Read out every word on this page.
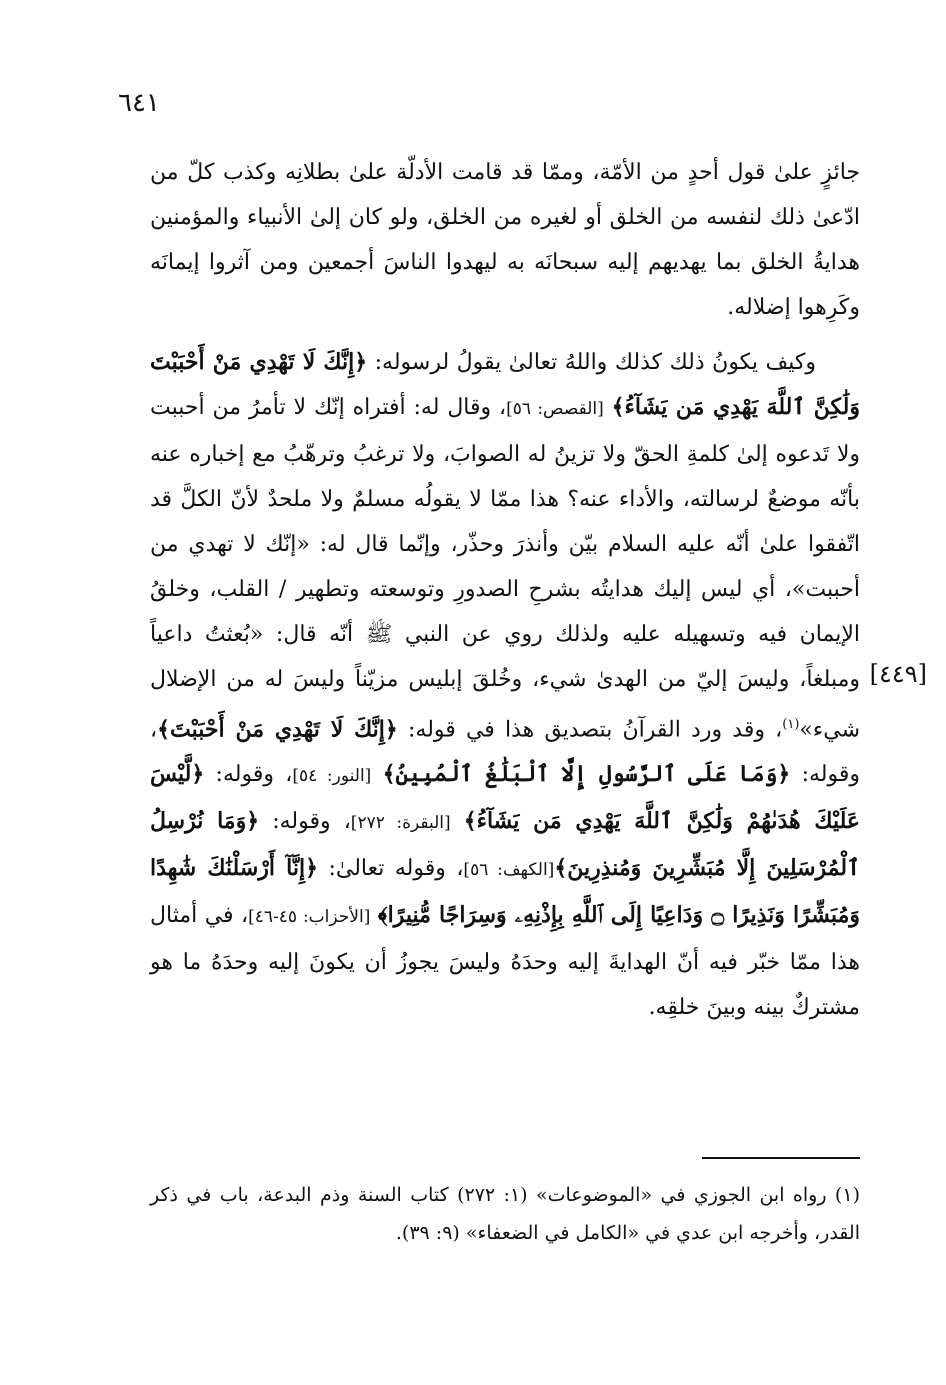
٦٤١
[٤٤٩]

جائزٍ علىٰ قول أحدٍ من الأمّة، وممّا قد قامت الأدلّة علىٰ بطلانِه وكذب كلّ من ادّعىٰ ذلك لنفسه من الخلق أو لغيره من الخلق، ولو كان إلىٰ الأنبياء والمؤمنين هدايةُ الخلق بما يهديهم إليه سبحانَه به ليهدوا الناسَ أجمعين ومن آثروا إيمانَه وكَرِهوا إضلاله.

وكيف يكونُ ذلك كذلك واللهُ تعالىٰ يقولُ لرسوله: ﴿إِنَّكَ لَا تَهْدِي مَنْ أَحْبَبْتَ وَلَٰكِنَّ ٱللَّهَ يَهْدِي مَن يَشَآءُ﴾ [القصص: ٥٦]، وقال له: أفتراه إنّك لا تأمرُ من أحببت ولا تَدعوه إلىٰ كلمةِ الحقّ ولا تزينُ له الصوابَ، ولا ترغبُ وترهّبُ مع إخباره عنه بأنّه موضعٌ لرسالته، والأداء عنه؟ هذا ممّا لا يقولُه مسلمٌ ولا ملحدٌ لأنّ الكلَّ قد اتّفقوا علىٰ أنّه عليه السلام بيّن وأنذرَ وحذّر، وإنّما قال له: «إنّك لا تهدي من أحببت»، أي ليس إليك هدايتُه بشرحِ الصدورِ وتوسعته وتطهير / القلب، وخلقُ الإيمان فيه وتسهيله عليه ولذلك روي عن النبي ﷺ أنّه قال: «بُعثتُ داعياً ومبلغاً، وليسَ إليّ من الهدىٰ شيء، وخُلقَ إبليس مزيّناً وليسَ له من الإضلال شيء»$^{(١)}$، وقد ورد القرآنُ بتصديق هذا في قوله: ﴿إِنَّكَ لَا تَهْدِي مَنْ أَحْبَبْتَ﴾، وقوله: ﴿وَمَا عَلَى ٱلرَّسُولِ إِلَّا ٱلْبَلَٰغُ ٱلْمُبِينُ﴾ [النور: ٥٤]، وقوله: ﴿لَّيْسَ عَلَيْكَ هُدَىٰهُمْ وَلَٰكِنَّ ٱللَّهَ يَهْدِي مَن يَشَآءُ﴾ [البقرة: ٢٧٢]، وقوله: ﴿وَمَا نُرْسِلُ ٱلْمُرْسَلِينَ إِلَّا مُبَشِّرِينَ وَمُنذِرِينَ﴾[الكهف: ٥٦]، وقوله تعالىٰ: ﴿إِنَّآ أَرْسَلْنَٰكَ شَٰهِدًا وَمُبَشِّرًا وَنَذِيرًا ۝ وَدَاعِيًا إِلَى ٱللَّهِ بِإِذْنِهِۦ وَسِرَاجًا مُّنِيرًا﴾ [الأحزاب: ٤٥-٤٦]، في أمثال هذا ممّا خبّر فيه أنّ الهدايةَ إليه وحدَهُ وليسَ يجوزُ أن يكونَ إليه وحدَهُ ما هو مشتركٌ بينه وبينَ خلقِه.

(١) رواه ابن الجوزي في «الموضوعات» (١: ٢٧٢) كتاب السنة وذم البدعة، باب في ذكر القدر، وأخرجه ابن عدي في «الكامل في الضعفاء» (٩: ٣٩).
